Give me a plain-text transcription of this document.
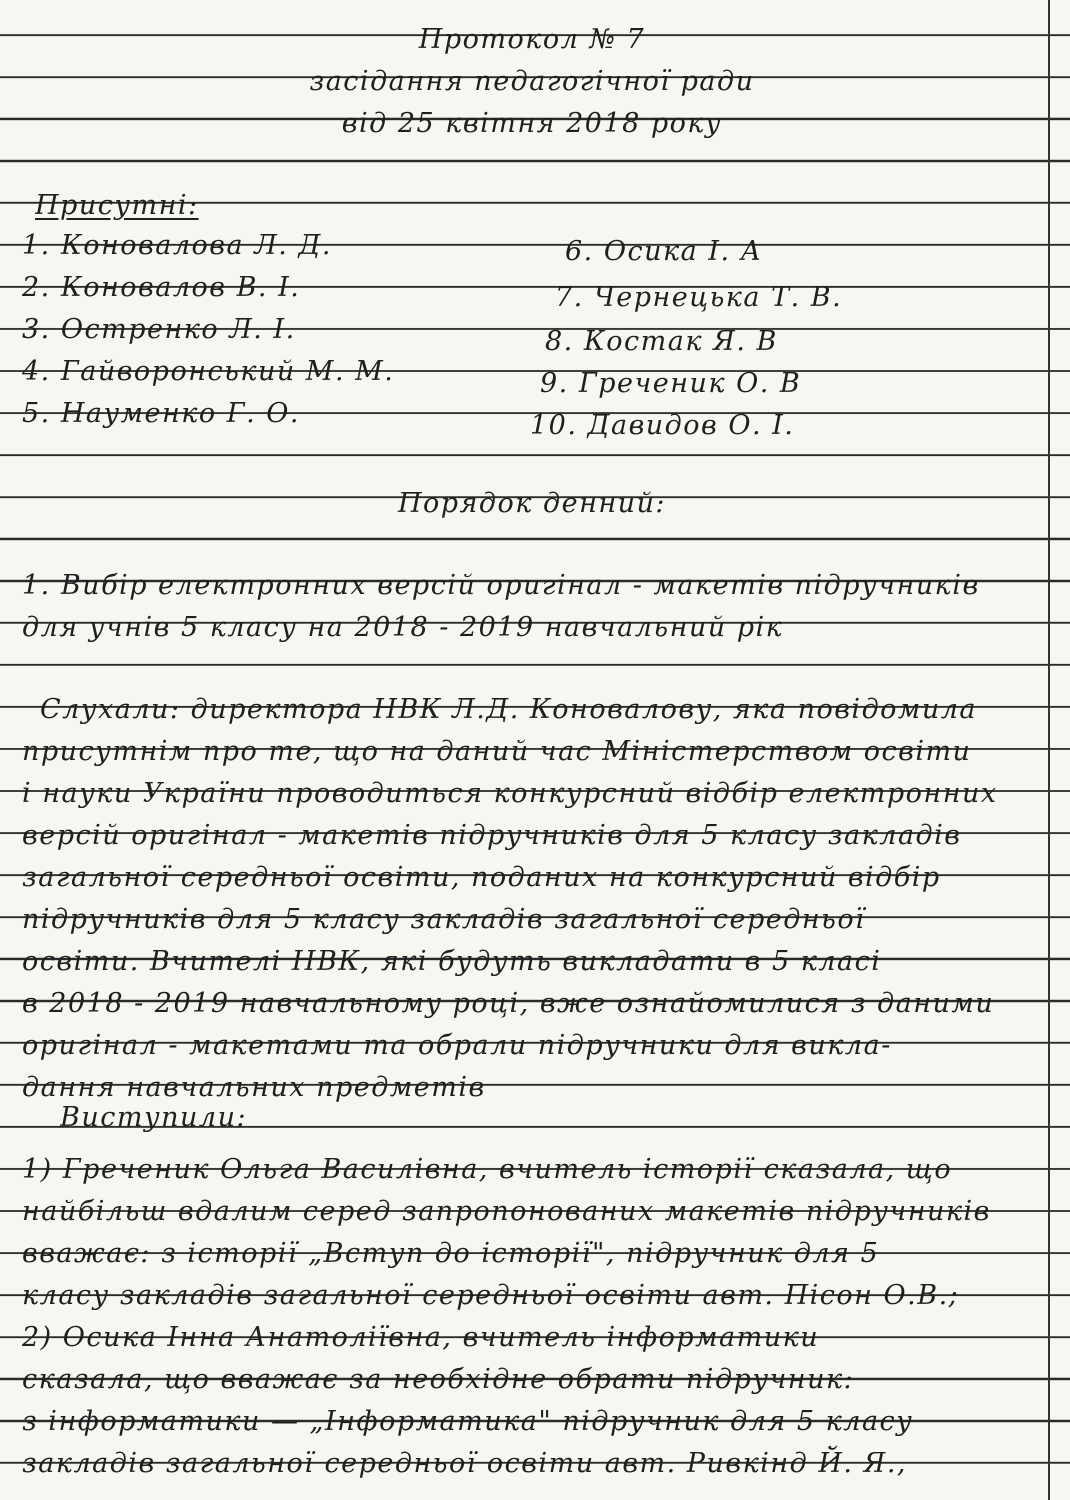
Протокол № 7
засідання педагогічної ради
від 25 квітня 2018 року
Присутні:
1. Коновалова Л. Д.
2. Коновалов В. І.
3. Остренко Л. І.
4. Гайворонський М. М.
5. Науменко Г. О.
6. Осика І. А
7. Чернецька Т. В.
8. Костак Я. В
9. Греченик О. В
10. Давидов О. І.
Порядок денний:
1. Вибір електронних версій оригінал - макетів підручників
для учнів 5 класу на 2018 - 2019 навчальний рік
Слухали: директора НВК Л.Д. Коновалову, яка повідомила
присутнім про те, що на даний час Міністерством освіти
і науки України проводиться конкурсний відбір електронних
версій оригінал - макетів підручників для 5 класу закладів
загальної середньої освіти, поданих на конкурсний відбір
підручників для 5 класу закладів загальної середньої
освіти. Вчителі НВК, які будуть викладати в 5 класі
в 2018 - 2019 навчальному році, вже ознайомилися з даними
оригінал - макетами та обрали підручники для викла-
дання навчальних предметів
Виступили:
1) Греченик Ольга Василівна, вчитель історії сказала, що
найбільш вдалим серед запропонованих макетів підручників
вважає: з історії „Вступ до історії", підручник для 5
класу закладів загальної середньої освіти авт. Пісон О.В.;
2) Осика Інна Анатоліївна, вчитель інформатики
сказала, що вважає за необхідне обрати підручник:
з інформатики — „Інформатика" підручник для 5 класу
закладів загальної середньої освіти авт. Ривкінд Й. Я.,
